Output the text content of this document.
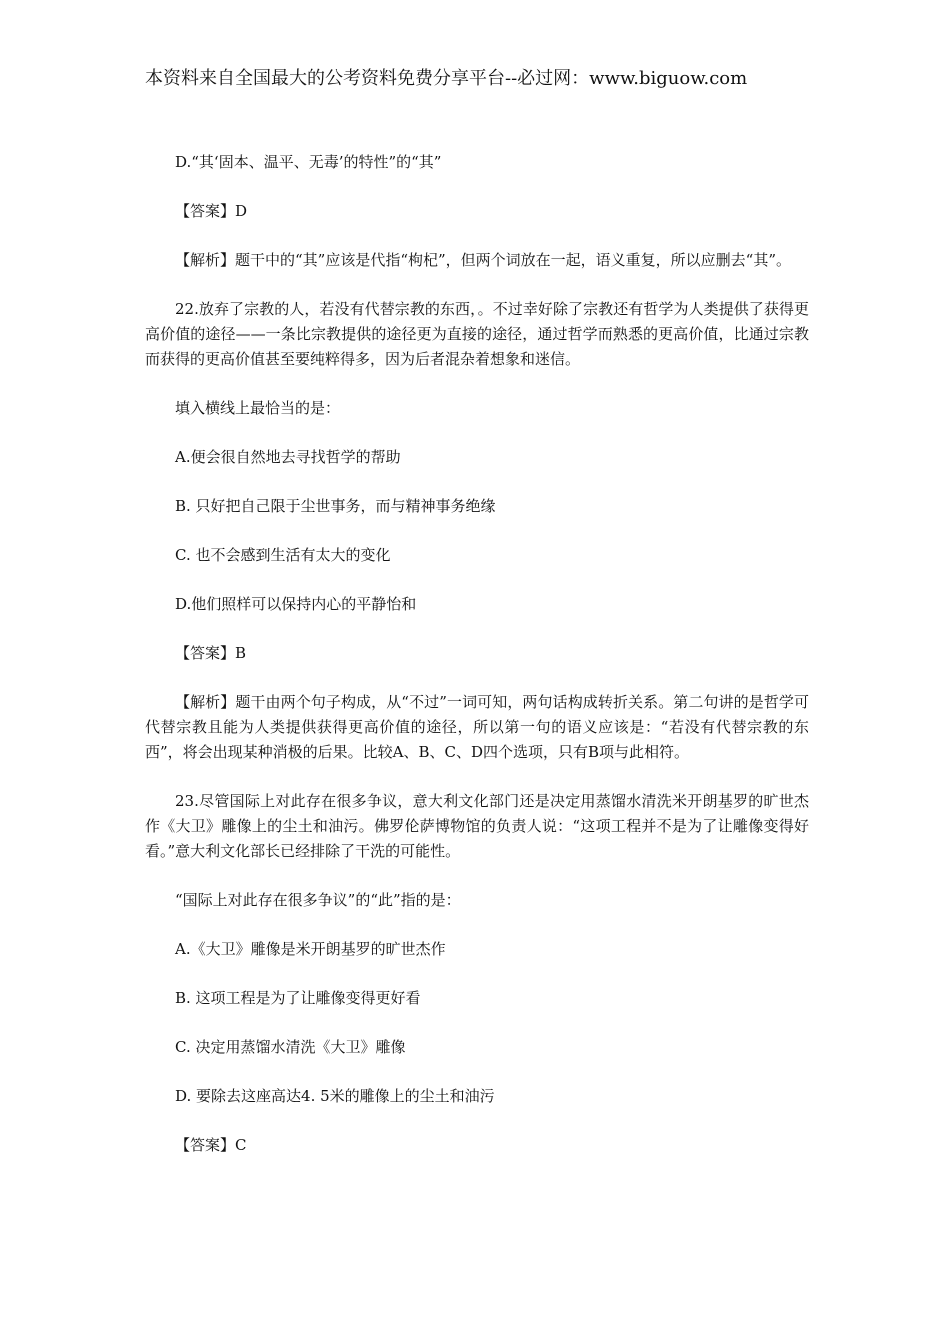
本资料来自全国最大的公考资料免费分享平台--必过网：www.biguow.com

D.“其‘固本、温平、无毒’的特性”的“其”

【答案】D

【解析】题干中的“其”应该是代指“枸杞”，但两个词放在一起，语义重复，所以应删去“其”。

22.放弃了宗教的人，若没有代替宗教的东西，。不过幸好除了宗教还有哲学为人类提供了获得更高价值的途径——一条比宗教提供的途径更为直接的途径，通过哲学而熟悉的更高价值，比通过宗教而获得的更高价值甚至要纯粹得多，因为后者混杂着想象和迷信。

填入横线上最恰当的是：

A.便会很自然地去寻找哲学的帮助

B. 只好把自己限于尘世事务，而与精神事务绝缘

C. 也不会感到生活有太大的变化

D.他们照样可以保持内心的平静怡和

【答案】B

【解析】题干由两个句子构成，从“不过”一词可知，两句话构成转折关系。第二句讲的是哲学可代替宗教且能为人类提供获得更高价值的途径，所以第一句的语义应该是：“若没有代替宗教的东西”，将会出现某种消极的后果。比较A、B、C、D四个选项，只有B项与此相符。

23.尽管国际上对此存在很多争议，意大利文化部门还是决定用蒸馏水清洗米开朗基罗的旷世杰作《大卫》雕像上的尘土和油污。佛罗伦萨博物馆的负责人说：“这项工程并不是为了让雕像变得好看。”意大利文化部长已经排除了干洗的可能性。

“国际上对此存在很多争议”的“此”指的是：

A.《大卫》雕像是米开朗基罗的旷世杰作

B. 这项工程是为了让雕像变得更好看

C. 决定用蒸馏水清洗《大卫》雕像

D. 要除去这座高达4. 5米的雕像上的尘土和油污

【答案】C
